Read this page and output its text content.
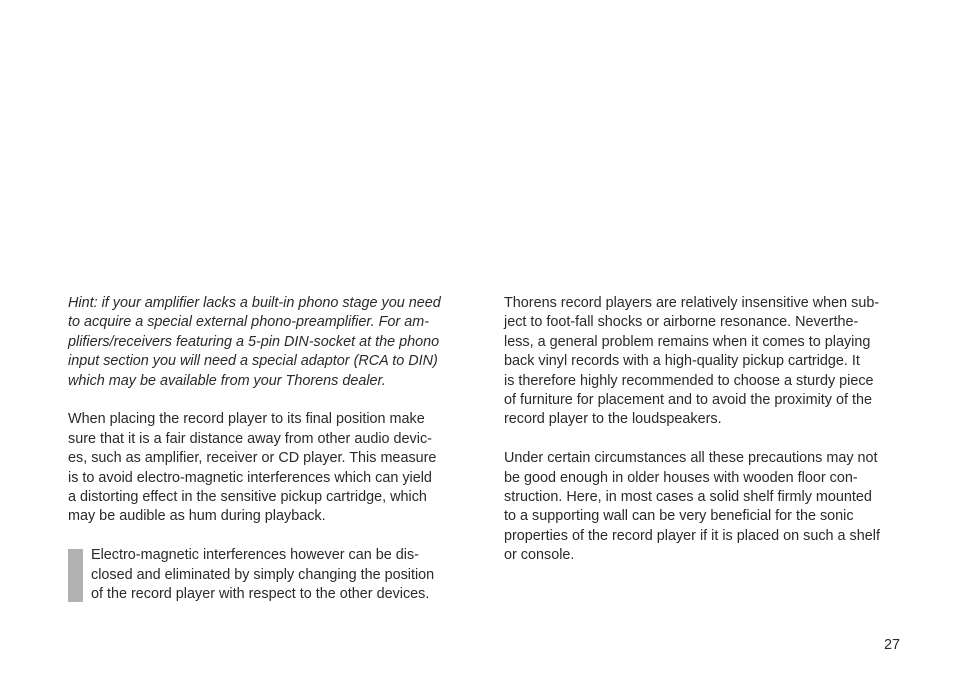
Hint: if your amplifier lacks a built-in phono stage you need
to acquire a special external phono-preamplifier. For am-
plifiers/receivers featuring a 5-pin DIN-socket at the phono
input section you will need a special adaptor (RCA to DIN)
which may be available from your Thorens dealer.

When placing the record player to its final position make
sure that it is a fair distance away from other audio devic-
es, such as amplifier, receiver or CD player. This measure
is to avoid electro-magnetic interferences which can yield
a distorting effect in the sensitive pickup cartridge, which
may be audible as hum during playback.

Electro-magnetic interferences however can be dis-
closed and eliminated by simply changing the position
of the record player with respect to the other devices.

Thorens record players are relatively insensitive when sub-
ject to foot-fall shocks or airborne resonance. Neverthe-
less, a general problem remains when it comes to playing
back vinyl records with a high-quality pickup cartridge. It
is therefore highly recommended to choose a sturdy piece
of furniture for placement and to avoid the proximity of the
record player to the loudspeakers.

Under certain circumstances all these precautions may not
be good enough in older houses with wooden floor con-
struction. Here, in most cases a solid shelf firmly mounted
to a supporting wall can be very beneficial for the sonic
properties of the record player if it is placed on such a shelf
or console.

27
